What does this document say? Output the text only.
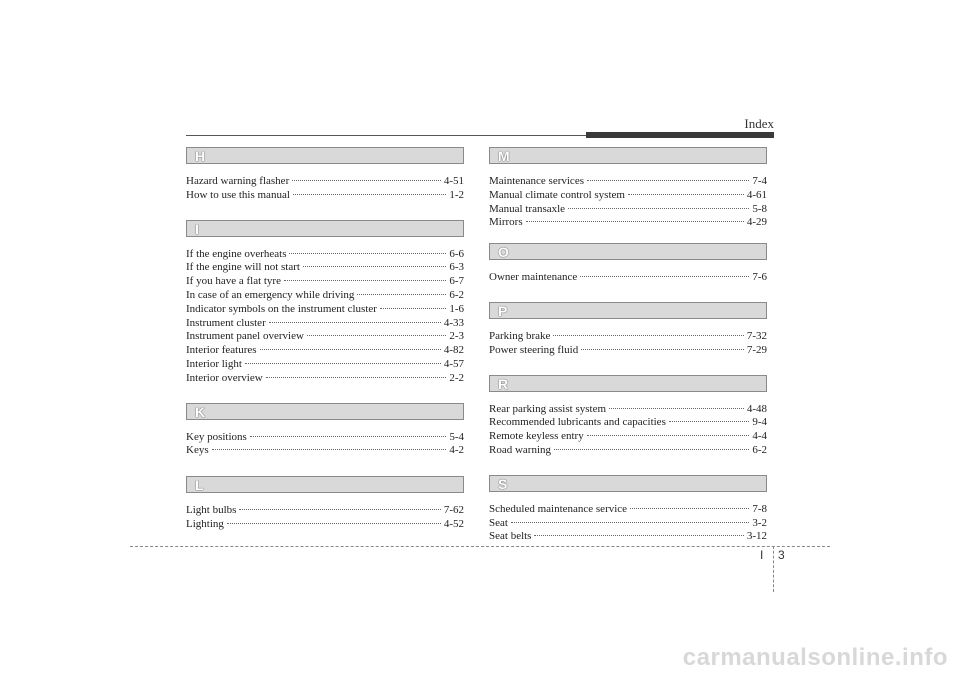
Index
H
Hazard warning flasher	4-51
How to use this manual	1-2
I
If the engine overheats	6-6
If the engine will not start	6-3
If you have a flat tyre	6-7
In case of an emergency while driving	6-2
Indicator symbols on the instrument cluster	1-6
Instrument cluster	4-33
Instrument panel overview	2-3
Interior features	4-82
Interior light	4-57
Interior overview	2-2
K
Key positions	5-4
Keys	4-2
L
Light bulbs	7-62
Lighting	4-52
M
Maintenance services	7-4
Manual climate control system	4-61
Manual transaxle	5-8
Mirrors	4-29
O
Owner maintenance	7-6
P
Parking brake	7-32
Power steering fluid	7-29
R
Rear parking assist system	4-48
Recommended lubricants and capacities	9-4
Remote keyless entry	4-4
Road warning	6-2
S
Scheduled maintenance service	7-8
Seat	3-2
Seat belts	3-12
I 3
carmanualsonline.info
